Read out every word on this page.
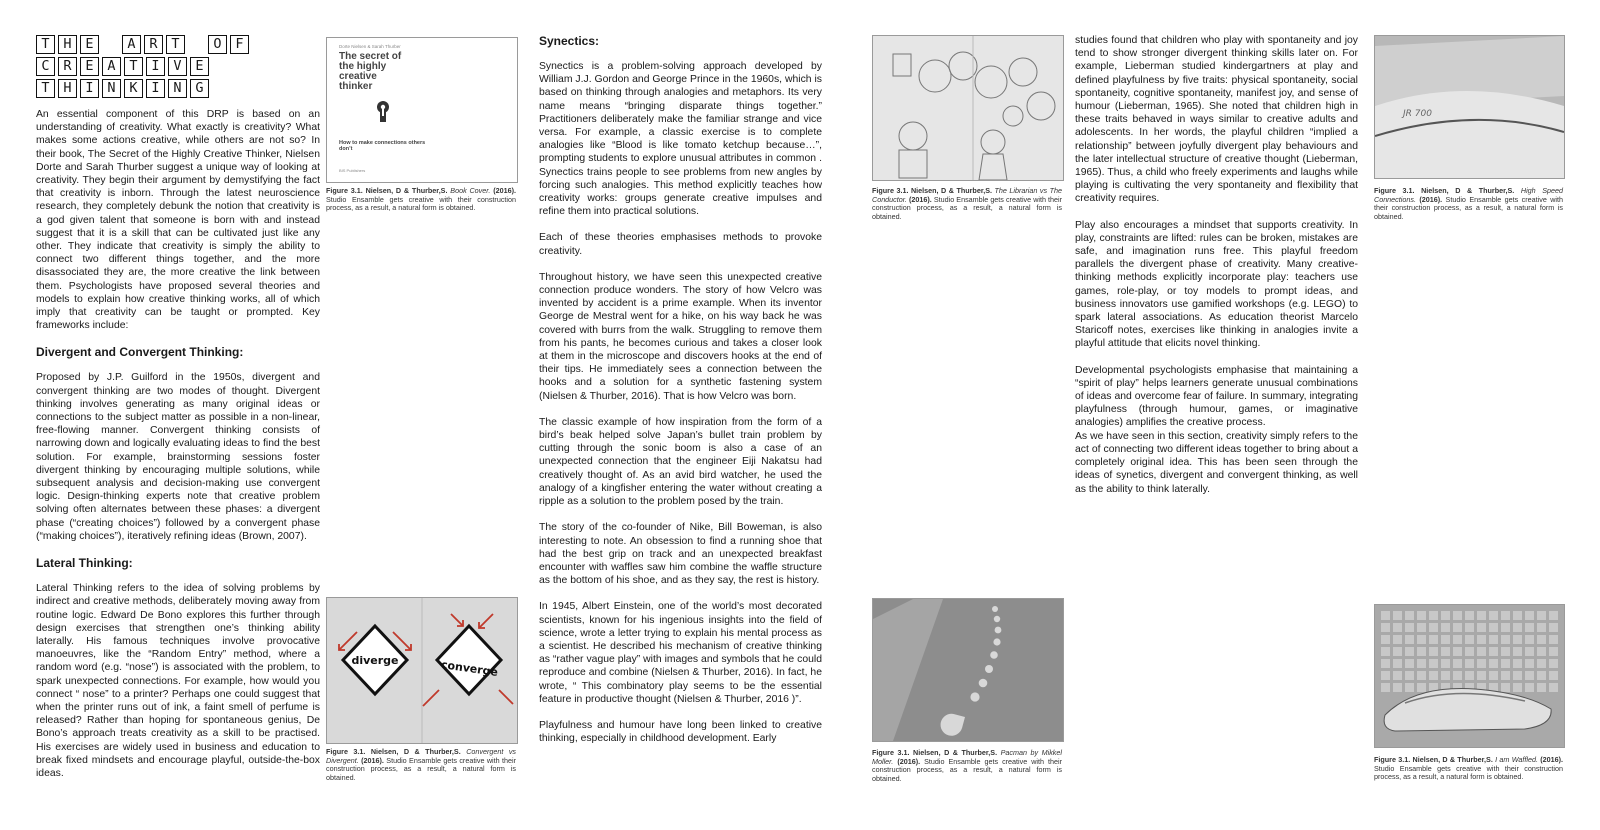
T	H	E	A	R	T	O	F
C	R	E	A	T	I	V	E
T	H	I	N	K	I	N	G

An essential component of this DRP is based on an understanding of creativity. What exactly is creativity? What makes some actions creative, while others are not so? In their book, The Secret of the Highly Creative Thinker, Nielsen Dorte and Sarah Thurber suggest a unique way of looking at creativity. They begin their argument by demystifying the fact that creativity is inborn. Through the latest neuroscience research, they completely debunk the notion that creativity is a god given talent that someone is born with and instead suggest that it is a skill that can be cultivated just like any other. They indicate that creativity is simply the ability to connect two different things together, and the more disassociated they are, the more creative the link between them. Psychologists have proposed several theories and models to explain how creative thinking works, all of which imply that creativity can be taught or prompted. Key frameworks include:

Divergent and Convergent Thinking:

Proposed by J.P. Guilford in the 1950s, divergent and convergent thinking are two modes of thought. Divergent thinking involves generating as many original ideas or connections to the subject matter as possible in a non-linear, free-flowing manner. Convergent thinking consists of narrowing down and logically evaluating ideas to find the best solution. For example, brainstorming sessions foster divergent thinking by encouraging multiple solutions, while subsequent analysis and decision-making use convergent logic. Design-thinking experts note that creative problem solving often alternates between these phases: a divergent phase (“creating choices”) followed by a convergent phase (“making choices”), iteratively refining ideas (Brown, 2007).

Lateral Thinking:

Lateral Thinking refers to the idea of solving problems by indirect and creative methods, deliberately moving away from routine logic. Edward De Bono explores this further through design exercises that strengthen one’s thinking ability laterally. His famous techniques involve provocative manoeuvres, like the “Random Entry” method, where a random word (e.g. “nose”) is associated with the problem, to spark unexpected connections. For example, how would you connect “ nose” to a printer? Perhaps one could suggest that when the printer runs out of ink, a faint smell of perfume is released? Rather than hoping for spontaneous genius, De Bono’s approach treats creativity as a skill to be practised. His exercises are widely used in business and education to break fixed mindsets and encourage playful, outside-the-box ideas.

Dorte Nielsen & Sarah Thurber
The secret of the highly creative thinker
How to make connections others don’t
BIS Publishers
Figure 3.1. Nielsen, D & Thurber,S. Book Cover. (2016). Studio Ensamble gets creative with their construction process, as a result, a natural form is obtained.
diverge	converge
Figure 3.1. Nielsen, D & Thurber,S. Convergent vs Divergent. (2016). Studio Ensamble gets creative with their construction process, as a result, a natural form is obtained.
Synectics:

Synectics is a problem-solving approach developed by William J.J. Gordon and George Prince in the 1960s, which is based on thinking through analogies and metaphors. Its very name means “bringing disparate things together.” Practitioners deliberately make the familiar strange and vice versa. For example, a classic exercise is to complete analogies like “Blood is like tomato ketchup because…”, prompting students to explore unusual attributes in common . Synectics trains people to see problems from new angles by forcing such analogies. This method explicitly teaches how creativity works: groups generate creative impulses and refine them into practical solutions.

Each of these theories emphasises methods to provoke creativity.

Throughout history, we have seen this unexpected creative connection produce wonders. The story of how Velcro was invented by accident is a prime example. When its inventor George de Mestral went for a hike, on his way back he was covered with burrs from the walk. Struggling to remove them from his pants, he becomes curious and takes a closer look at them in the microscope and discovers hooks at the end of their tips. He immediately sees a connection between the hooks and a solution for a synthetic fastening system (Nielsen & Thurber, 2016). That is how Velcro was born.

The classic example of how inspiration from the form of a bird’s beak helped solve Japan’s bullet train problem by cutting through the sonic boom is also a case of an unexpected connection that the engineer Eiji Nakatsu had creatively thought of. As an avid bird watcher, he used the analogy of a kingfisher entering the water without creating a ripple as a solution to the problem posed by the train.

The story of the co-founder of Nike, Bill Boweman, is also interesting to note. An obsession to find a running shoe that had the best grip on track and an unexpected breakfast encounter with waffles saw him combine the waffle structure as the bottom of his shoe, and as they say, the rest is history.

In 1945, Albert Einstein, one of the world’s most decorated scientists, known for his ingenious insights into the field of science, wrote a letter trying to explain his mental process as a scientist. He described his mechanism of creative thinking as “rather vague play” with images and symbols that he could reproduce and combine (Nielsen & Thurber, 2016). In fact, he wrote, “ This combinatory play seems to be the essential feature in productive thought (Nielsen & Thurber, 2016 )”.

Playfulness and humour have long been linked to creative thinking, especially in childhood development. Early

Figure 3.1. Nielsen, D & Thurber,S. The Librarian vs The Conductor. (2016). Studio Ensamble gets creative with their construction process, as a result, a natural form is obtained.
Figure 3.1. Nielsen, D & Thurber,S. Pacman by Mikkel Moller. (2016). Studio Ensamble gets creative with their construction process, as a result, a natural form is obtained.

studies found that children who play with spontaneity and joy tend to show stronger divergent thinking skills later on. For example, Lieberman studied kindergartners at play and defined playfulness by five traits: physical spontaneity, social spontaneity, cognitive spontaneity, manifest joy, and sense of humour (Lieberman, 1965). She noted that children high in these traits behaved in ways similar to creative adults and adolescents. In her words, the playful children “implied a relationship” between joyfully divergent play behaviours and the later intellectual structure of creative thought (Lieberman, 1965). Thus, a child who freely experiments and laughs while playing is cultivating the very spontaneity and flexibility that creativity requires.

Play also encourages a mindset that supports creativity. In play, constraints are lifted: rules can be broken, mistakes are safe, and imagination runs free. This playful freedom parallels the divergent phase of creativity. Many creative-thinking methods explicitly incorporate play: teachers use games, role-play, or toy models to prompt ideas, and business innovators use gamified workshops (e.g. LEGO) to spark lateral associations. As education theorist Marcelo Staricoff notes, exercises like thinking in analogies invite a playful attitude that elicits novel thinking.

Developmental psychologists emphasise that maintaining a “spirit of play” helps learners generate unusual combinations of ideas and overcome fear of failure. In summary, integrating playfulness (through humour, games, or imaginative analogies) amplifies the creative process.

As we have seen in this section, creativity simply refers to the act of connecting two different ideas together to bring about a completely original idea. This has been seen through the ideas of synetics, divergent and convergent thinking, as well as the ability to think laterally.

JR 700
Figure 3.1. Nielsen, D & Thurber,S. High Speed Connections. (2016). Studio Ensamble gets creative with their construction process, as a result, a natural form is obtained.
Figure 3.1. Nielsen, D & Thurber,S. I am Waffled. (2016). Studio Ensamble gets creative with their construction process, as a result, a natural form is obtained.
